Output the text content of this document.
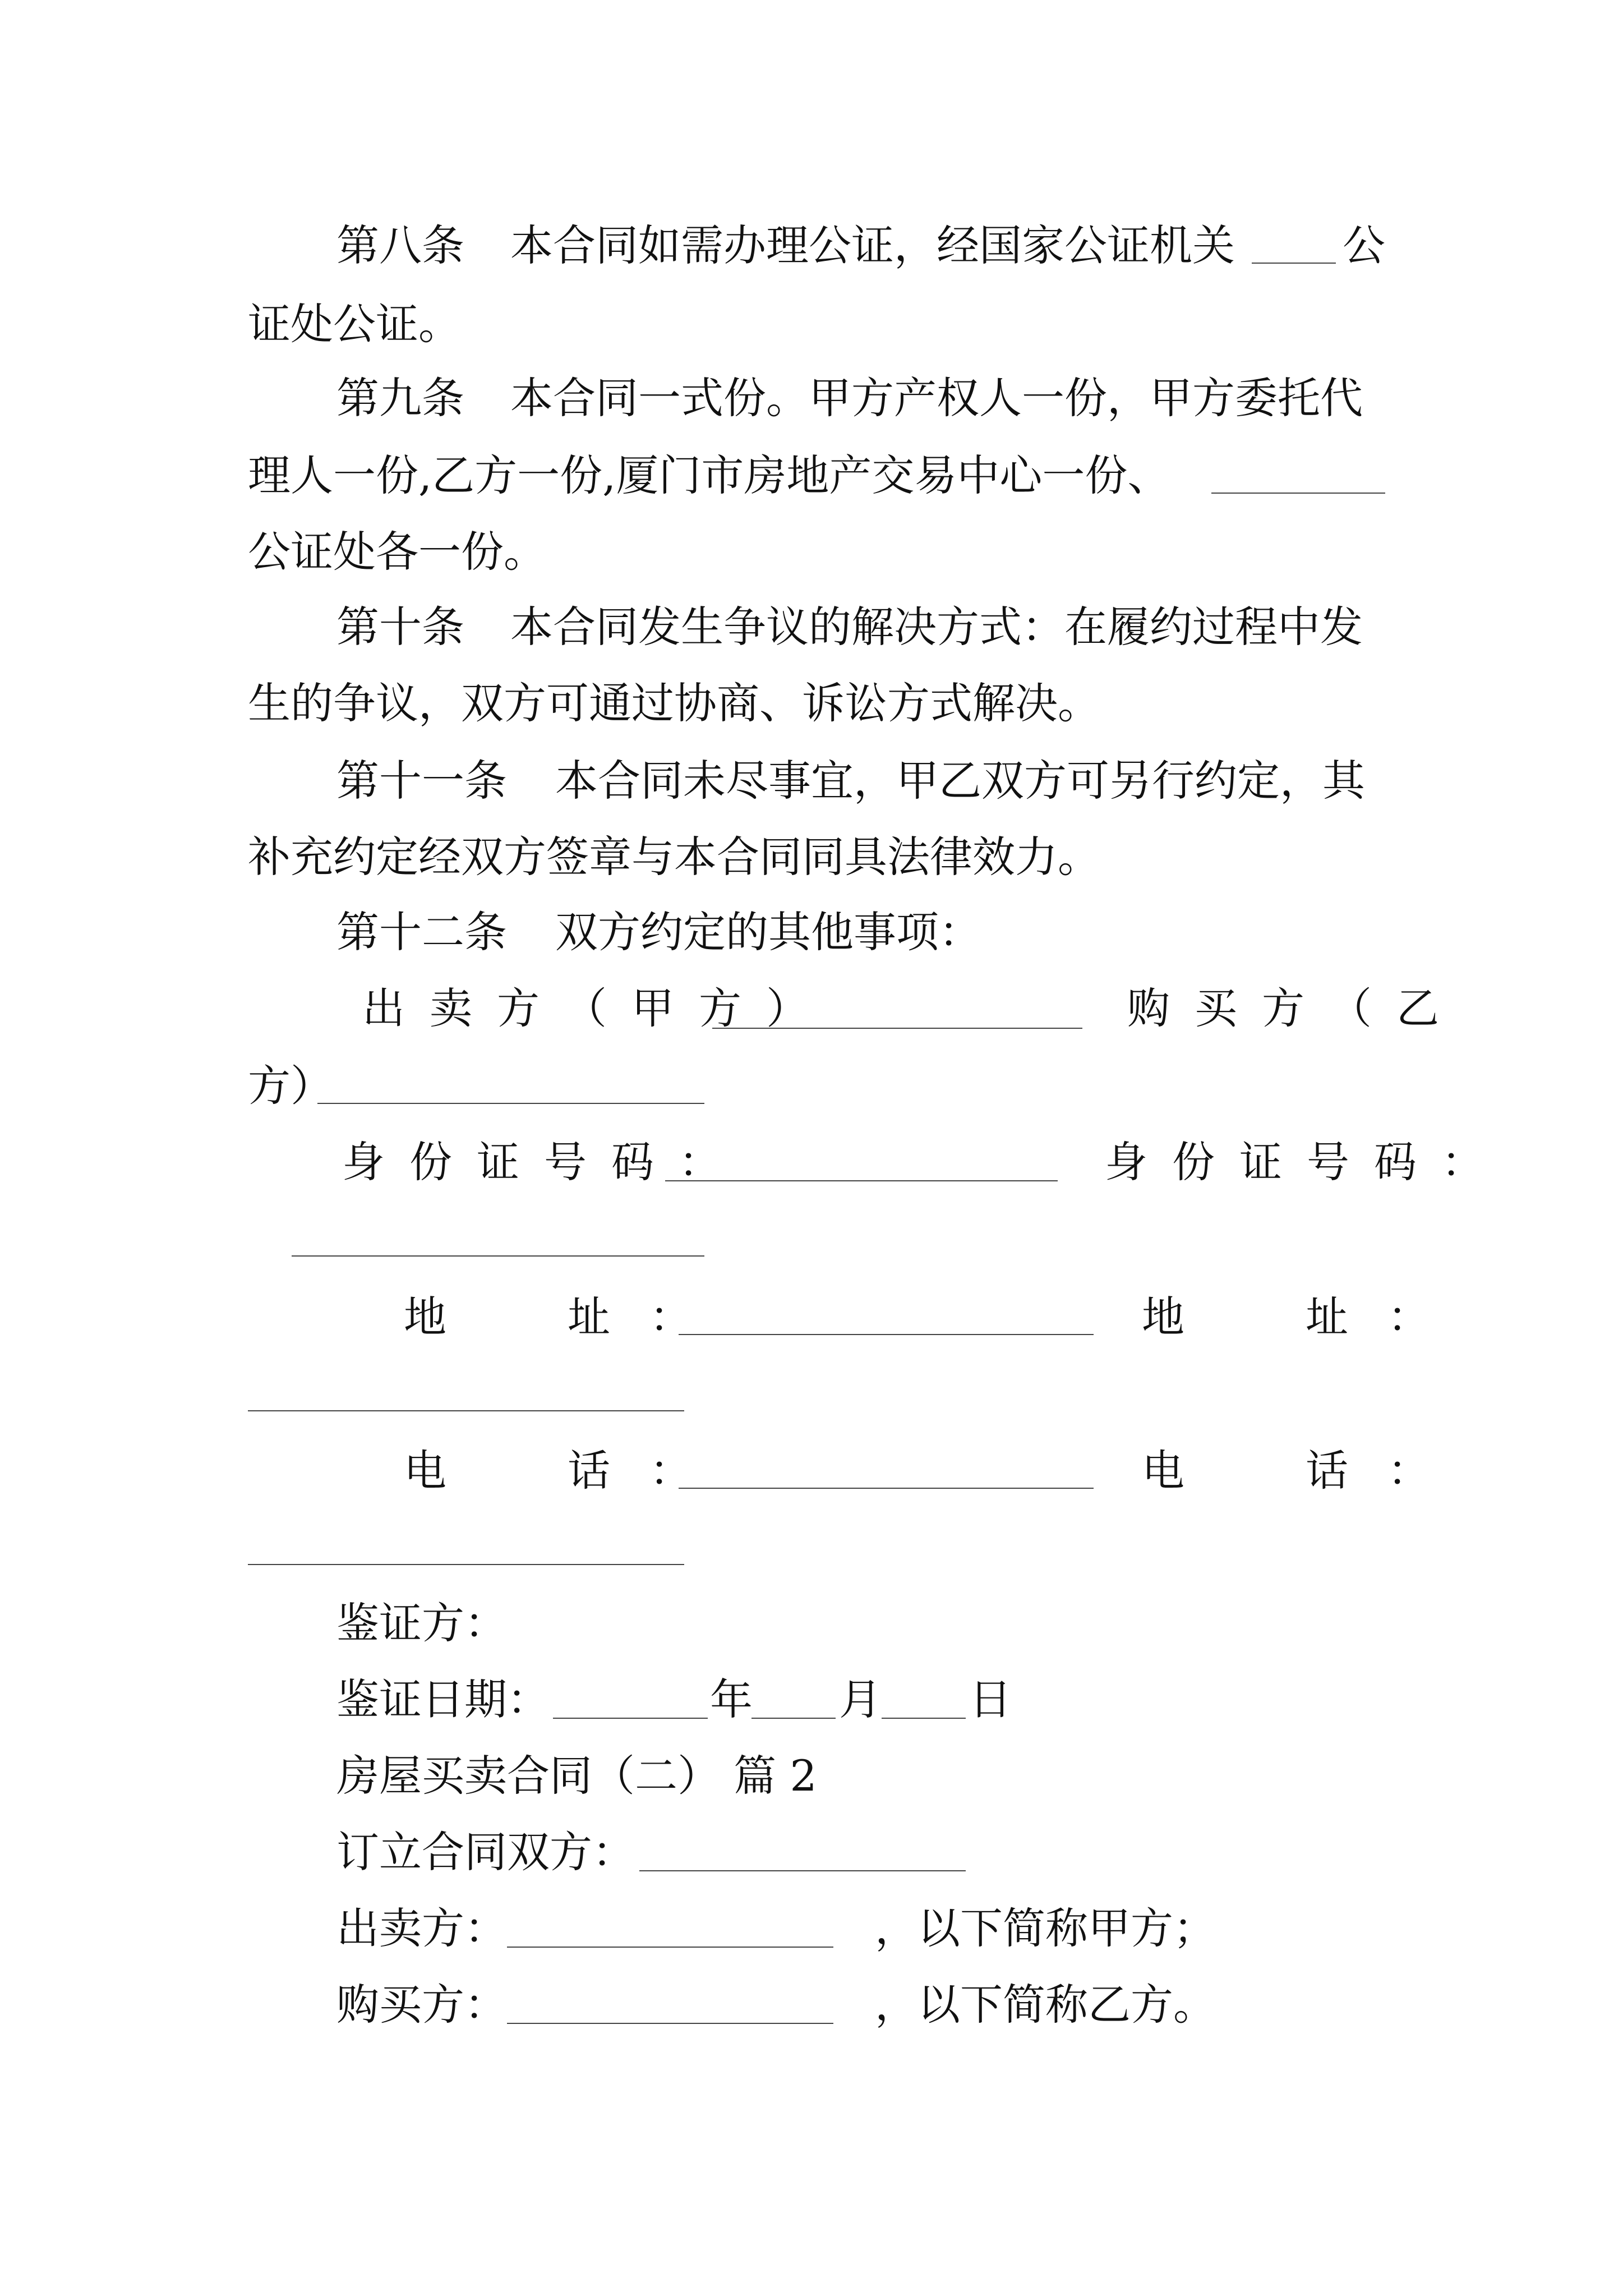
第八条 本合同如需办理公证，经国家公证机关	公
证处公证。
第九条 本合同一式份。甲方产权人一份，甲方委托代
理人一份,乙方一份,厦门市房地产交易中心一份、
公证处各一份。
第十条 本合同发生争议的解决方式：在履约过程中发
生的争议，双方可通过协商、诉讼方式解决。
第十一条 本合同未尽事宜，甲乙双方可另行约定，其
补充约定经双方签章与本合同同具法律效力。
第十二条 双方约定的其他事项：
出卖方（甲方）	购买方（乙
方）
身份证号码：	身份证号码：
地　址：	地　址：
电　话：	电　话：
鉴证方：
鉴证日期：	年 月 日
房屋买卖合同（二） 篇 2
订立合同双方：
出卖方：	，以下简称甲方；
购买方：	，以下简称乙方。
